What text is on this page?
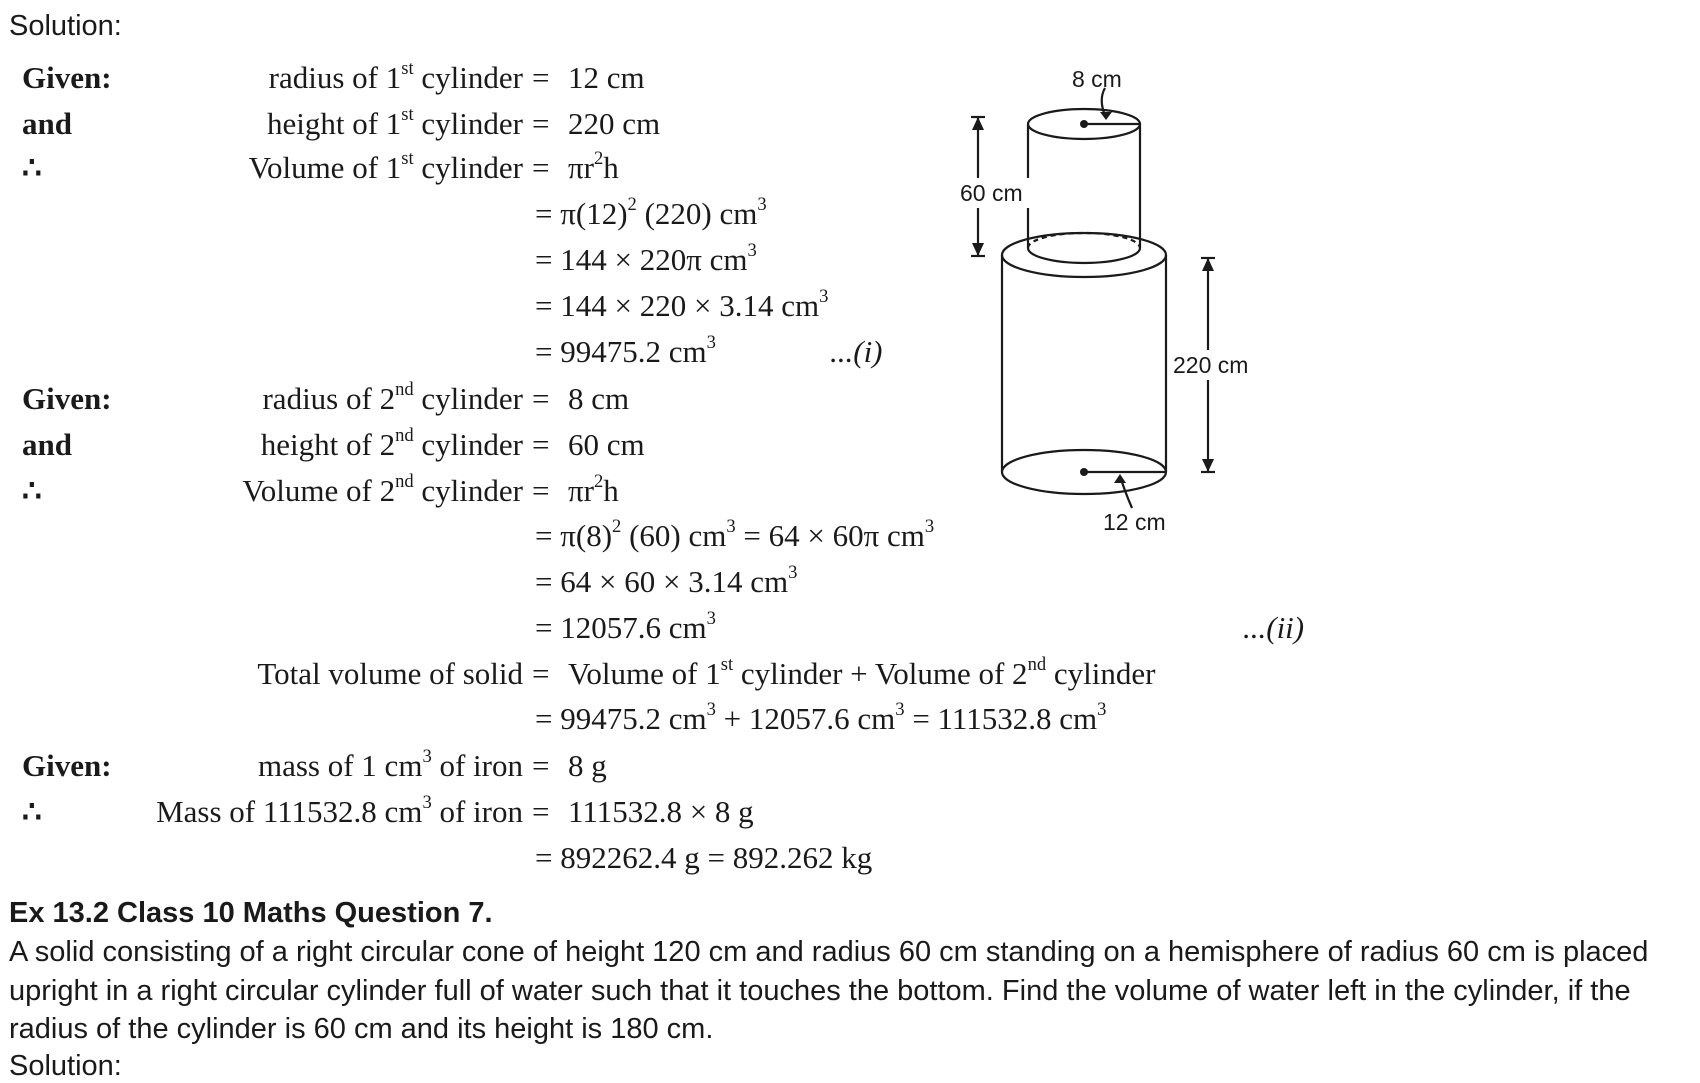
Solution:
Given:	radius of 1st cylinder = 12 cm
and	height of 1st cylinder = 220 cm
∴	Volume of 1st cylinder = $\pi r^2h$
= $\pi(12)^2$ (220) $cm^3$
= 144 × 220π $cm^3$
= 144 × 220 × 3.14 $cm^3$
= 99475.2 $cm^3$	...(i)
Given:	radius of 2nd cylinder = 8 cm
and	height of 2nd cylinder = 60 cm
∴	Volume of 2nd cylinder = $\pi r^2h$
= $\pi(8)^2$ (60) $cm^3 = 64 \times 60\pi$ $cm^3$
= 64 × 60 × 3.14 $cm^3$
= 12057.6 $cm^3$	...(ii)
Total volume of solid = Volume of 1st cylinder + Volume of 2nd cylinder
= 99475.2 $cm^3 + 12057.6$ $cm^3 = 111532.8$ $cm^3$
Given:	mass of 1 $cm^3$ of iron = 8 g
∴	Mass of 111532.8 $cm^3$ of iron = 111532.8 × 8 g
= 892262.4 g = 892.262 kg
8 cm
60 cm
220 cm
12 cm
Ex 13.2 Class 10 Maths Question 7.
A solid consisting of a right circular cone of height 120 cm and radius 60 cm standing on a hemisphere of radius 60 cm is placed upright in a right circular cylinder full of water such that it touches the bottom. Find the volume of water left in the cylinder, if the radius of the cylinder is 60 cm and its height is 180 cm.
Solution:
